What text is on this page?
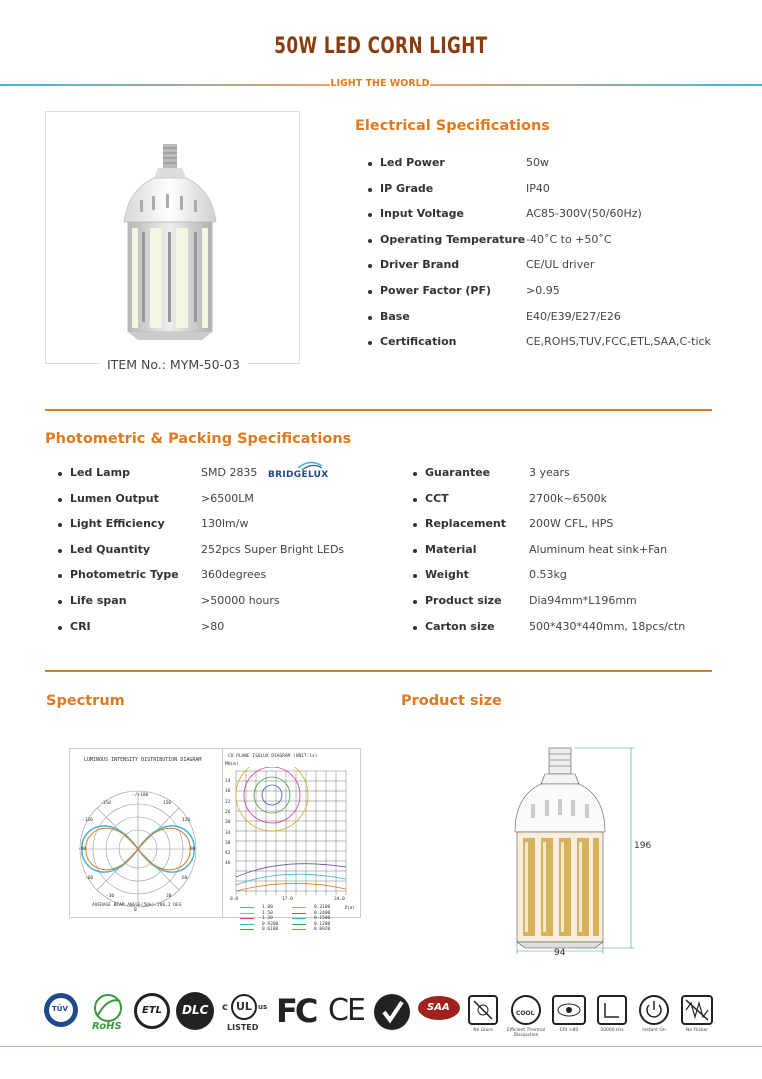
50W LED CORN LIGHT
LIGHT THE WORLD
ITEM No.: MYM-50-03
Electrical Specifications
Led Power	50w
IP Grade	IP40
Input Voltage	AC85-300V(50/60Hz)
Operating Temperature -40˚C to +50˚C
Driver Brand	CE/UL driver
Power Factor (PF)	>0.95
Base	E40/E39/E27/E26
Certification	CE,ROHS,TUV,FCC,ETL,SAA,C-tick
Photometric & Packing Specifications
Led Lamp	SMD 2835
Lumen Output	>6500LM
Light Efficiency	130lm/w
Led Quantity	252pcs Super Bright LEDs
Photometric Type 360degrees
Life span	>50000 hours
CRI	>80
Guarantee	3 years
CCT	2700k~6500k
Replacement 200W CFL, HPS
Material	Aluminum heat sink+Fan
Weight	0.53kg
Product size Dia94mm*L196mm
Carton size	500*430*440mm, 18pcs/ctn
BRIDGELUX
Spectrum
-/+180
-150	150
-120	120
-90	90
-60	60
-30	30
0
LUMINOUS INTENSITY DISTRIBUTION DIAGRAM
AVERAGE BEAM ANGLE(50%):286.2 DEG
CU PLANE ISOLUX DIAGRAM (UNIT:lx)
MH(m)
14
18
22
26
30
34
38
42
46
0.0	17.0	34.0
D(m)
1.80	0.3100
1.50	0.2400
1.20	0.1500
0.9200	0.1200
0.6100	0.0920
Product size
196
94
TÜV
RoHS
ETL DLC c UL us
LISTED FC CE	SAA
COOL
No Glare	Efficient Thermal Dissipation
CRI >80	50000 Hrs	Instant On	No Flicker
